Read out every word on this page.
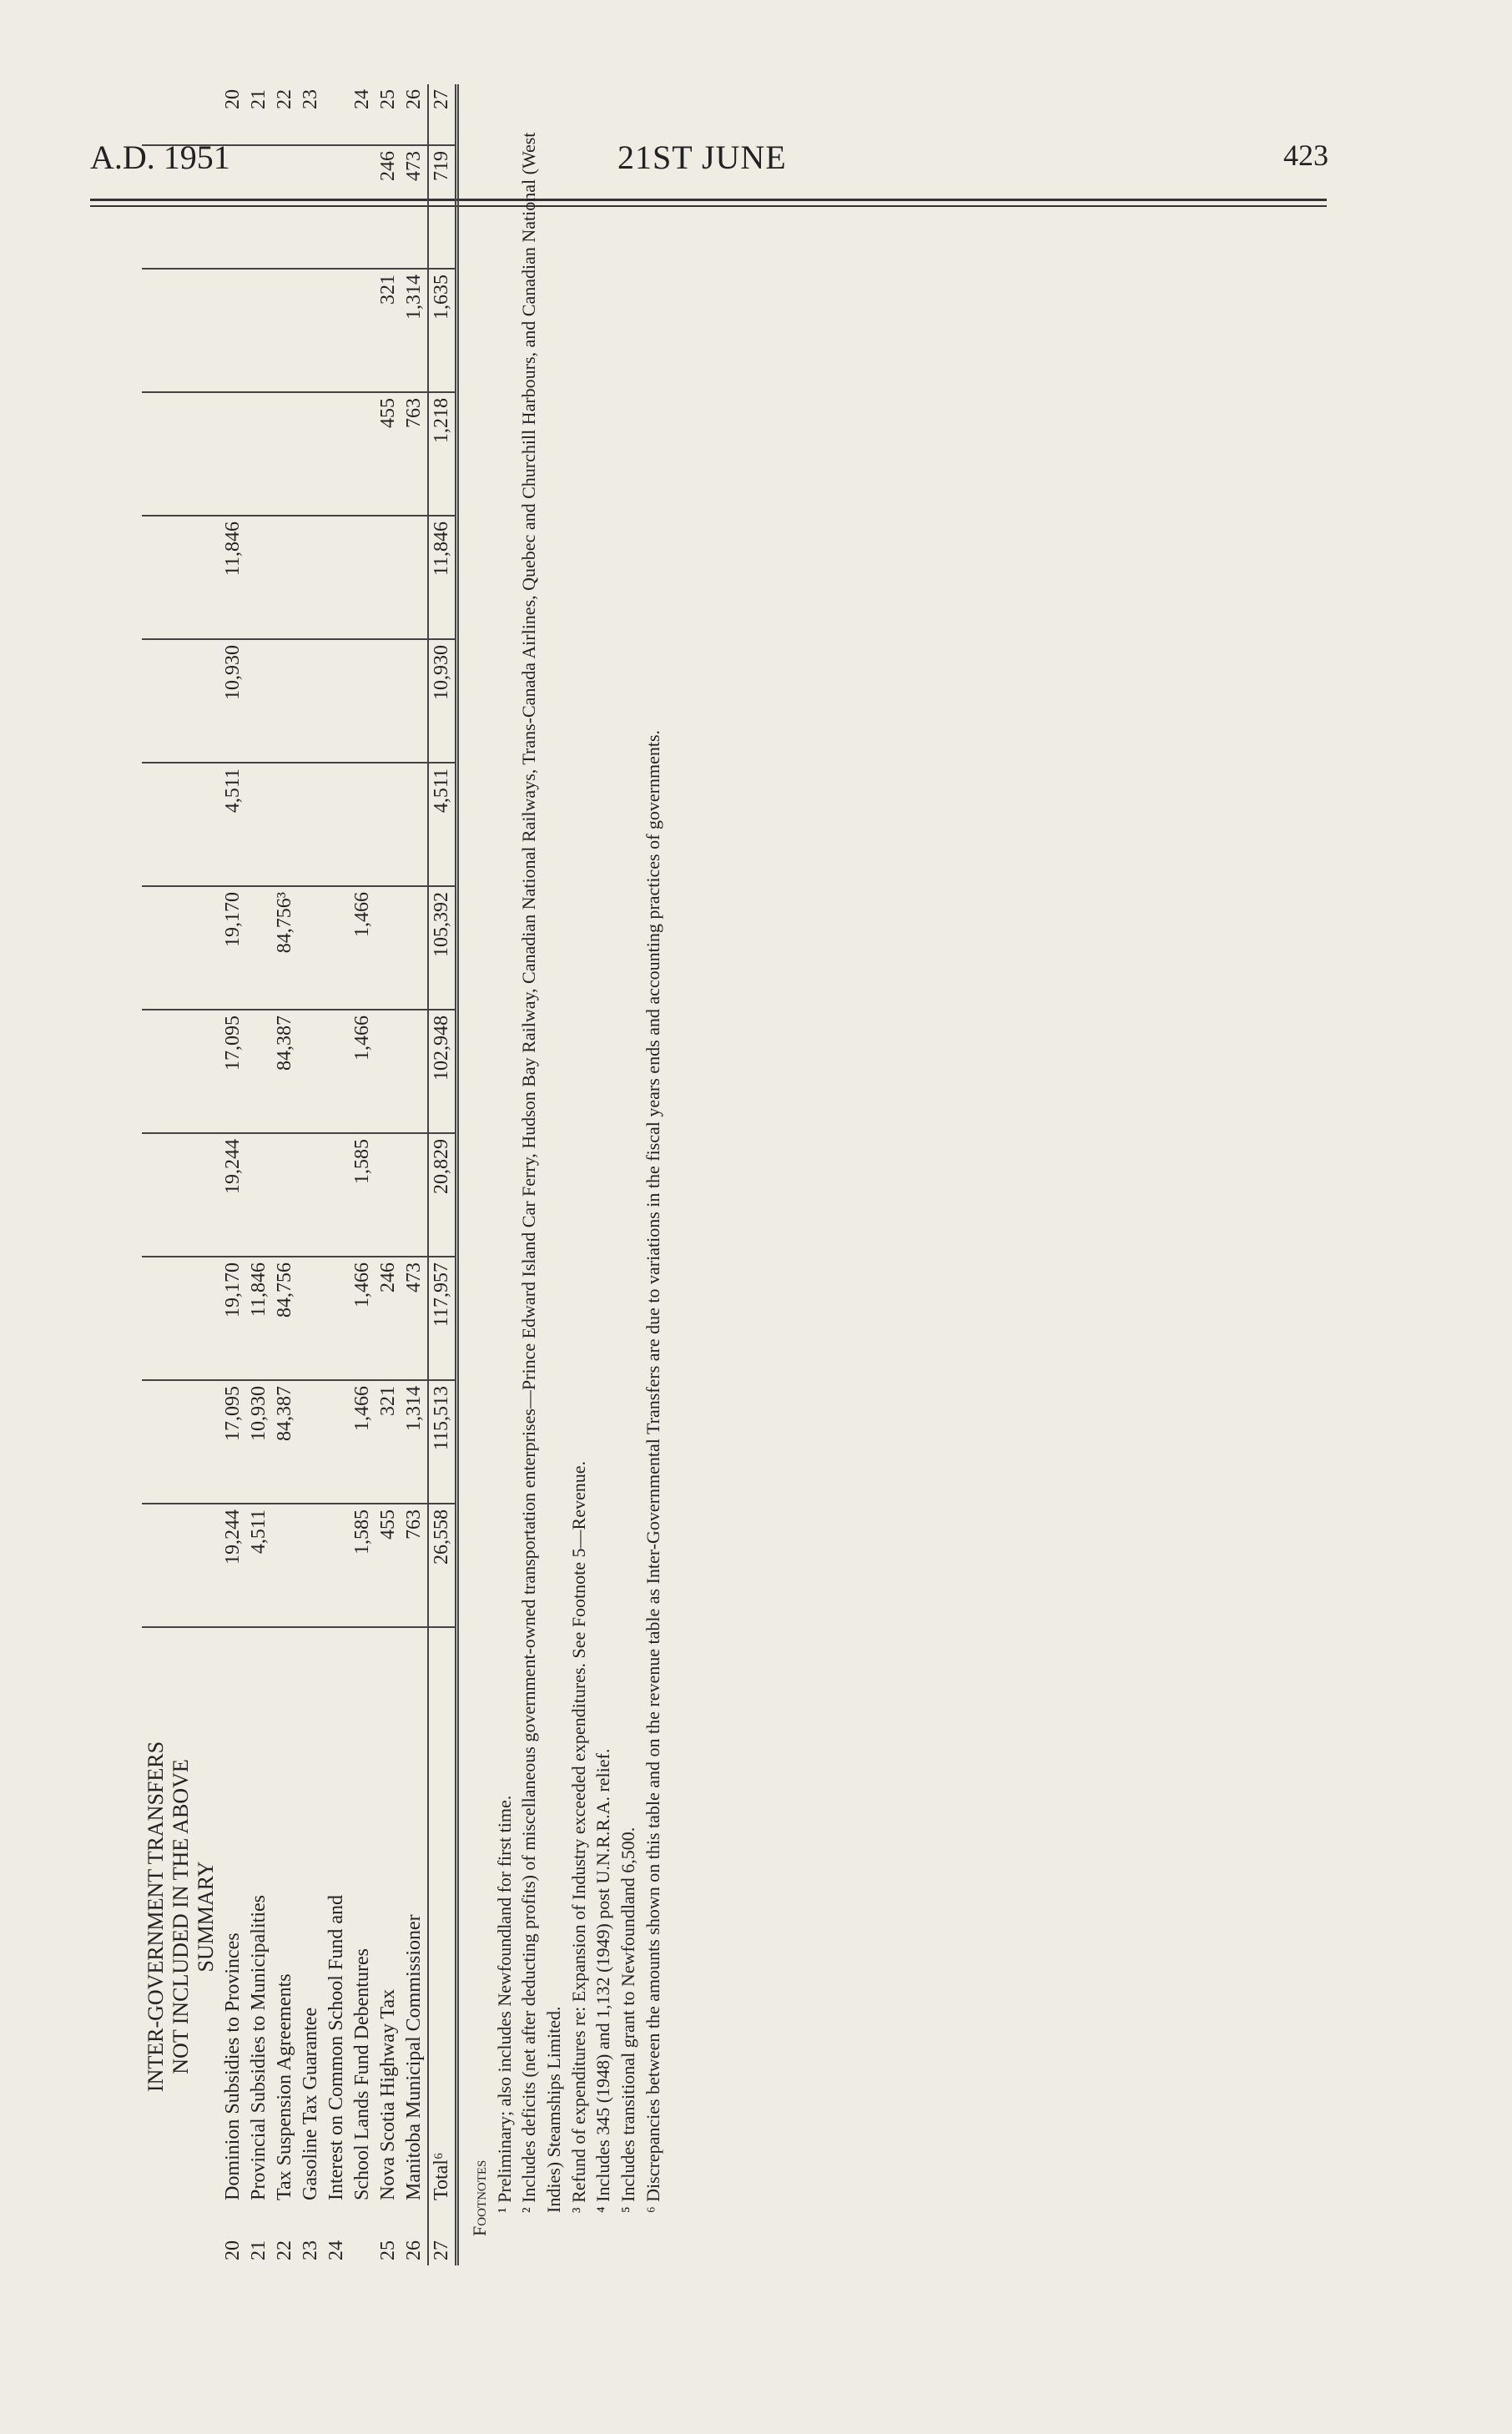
A.D. 1951	21ST JUNE	423

	INTER-GOVERNMENT TRANSFERS NOT INCLUDED IN THE ABOVE SUMMARY													

20	Dominion Subsidies to Provinces	19,244	17,095	19,170	19,244	17,095	19,170	4,511	10,930	11,846				20
21	Provincial Subsidies to Municipalities	4,511	10,930	11,846										21
22	Tax Suspension Agreements		84,387	84,756		84,387	84,756³							22
23	Gasoline Tax Guarantee													23
24	Interest on Common School Fund and													
	School Lands Fund Debentures	1,585	1,466	1,466	1,585	1,466	1,466							24
25	Nova Scotia Highway Tax	455	321	246							455	321	246	25
26	Manitoba Municipal Commissioner	763	1,314	473							763	1,314	473	26
27	Total⁶	26,558	115,513	117,957	20,829	102,948	105,392	4,511	10,930	11,846	1,218	1,635	719	27
Footnotes ¹ Preliminary; also includes Newfoundland for first time. ² Includes deficits (net after deducting profits) of miscellaneous government-owned transportation enterprises—Prince Edward Island Car Ferry, Hudson Bay Railway, Canadian National Railways, Trans-Canada Airlines, Quebec and Churchill Harbours, and Canadian National (West Indies) Steamships Limited. ³ Refund of expenditures re: Expansion of Industry exceeded expenditures. See Footnote 5—Revenue. ⁴ Includes 345 (1948) and 1,132 (1949) post U.N.R.R.A. relief. ⁵ Includes transitional grant to Newfoundland 6,500. ⁶ Discrepancies between the amounts shown on this table and on the revenue table as Inter-Governmental Transfers are due to variations in the fiscal years ends and accounting practices of governments.
